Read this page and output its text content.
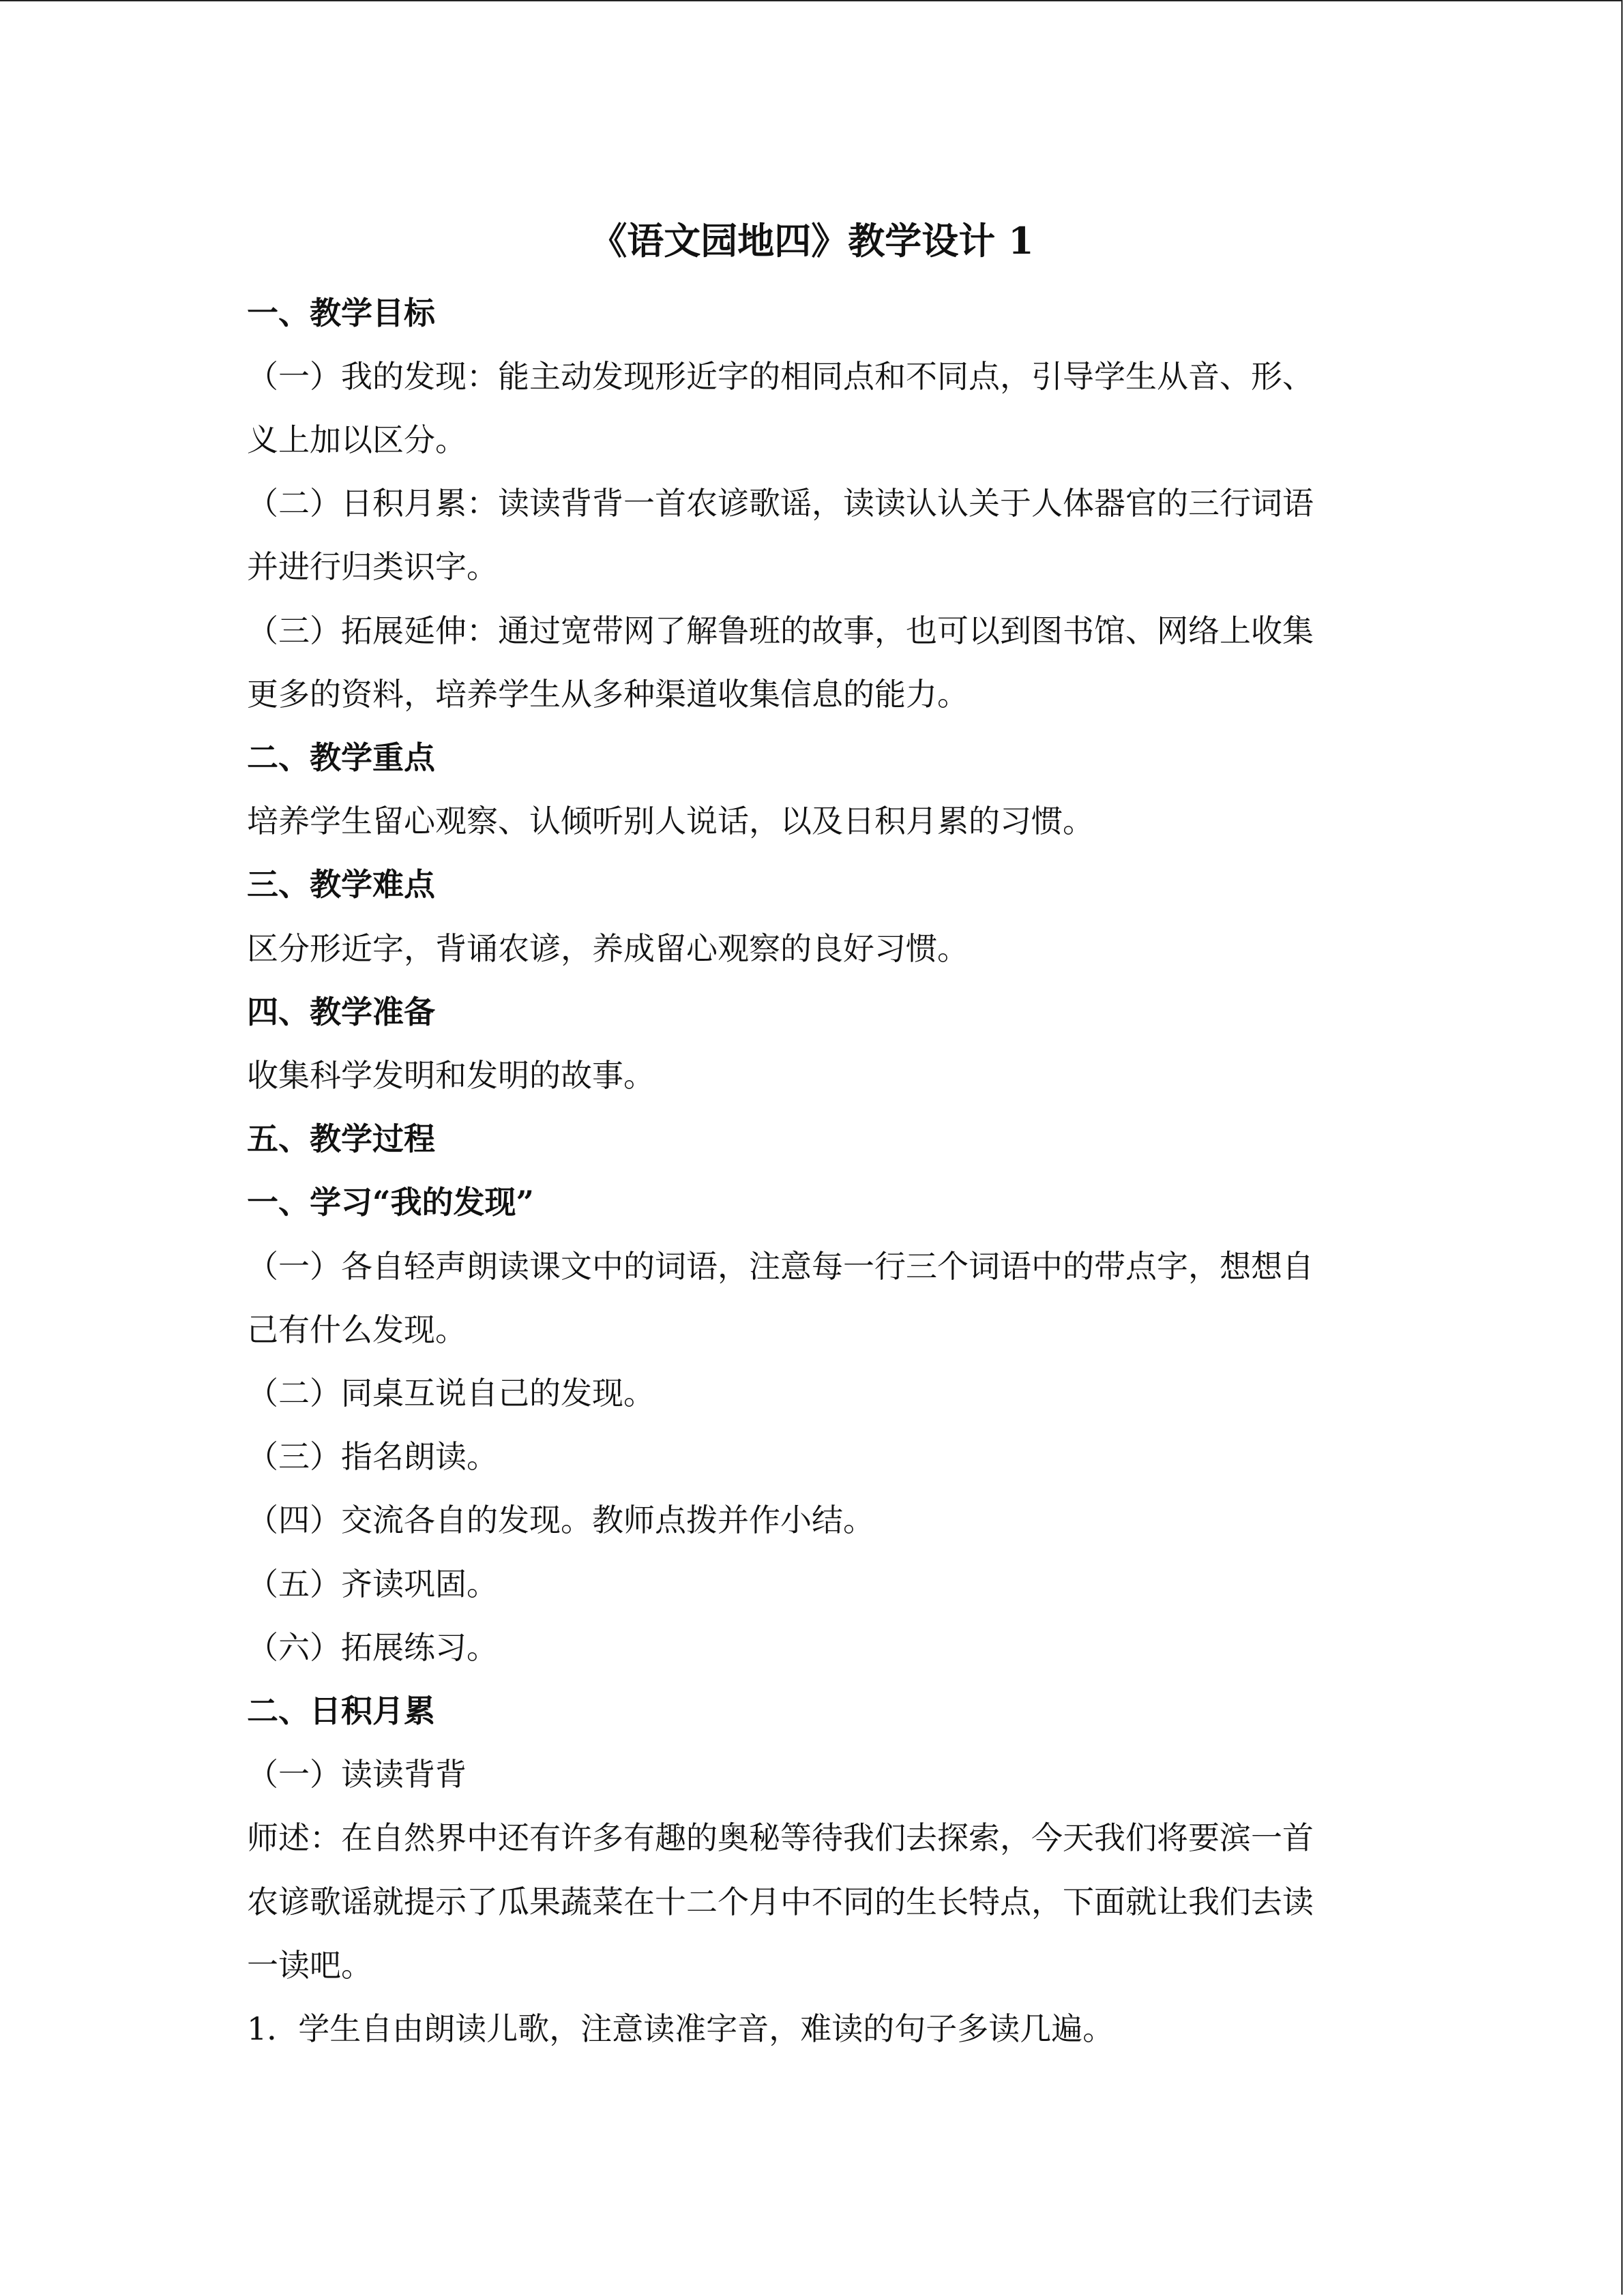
《语文园地四》教学设计 1

一、教学目标

（一）我的发现：能主动发现形近字的相同点和不同点，引导学生从音、形、

义上加以区分。

（二）日积月累：读读背背一首农谚歌谣，读读认认关于人体器官的三行词语

并进行归类识字。

（三）拓展延伸：通过宽带网了解鲁班的故事，也可以到图书馆、网络上收集

更多的资料，培养学生从多种渠道收集信息的能力。

二、教学重点

培养学生留心观察、认倾听别人说话，以及日积月累的习惯。

三、教学难点

区分形近字，背诵农谚，养成留心观察的良好习惯。

四、教学准备

收集科学发明和发明的故事。

五、教学过程

一、学习“我的发现”

（一）各自轻声朗读课文中的词语，注意每一行三个词语中的带点字，想想自

己有什么发现。

（二）同桌互说自己的发现。

（三）指名朗读。

（四）交流各自的发现。教师点拨并作小结。

（五）齐读巩固。

（六）拓展练习。

二、日积月累

（一）读读背背

师述：在自然界中还有许多有趣的奥秘等待我们去探索，今天我们将要滨一首

农谚歌谣就提示了瓜果蔬菜在十二个月中不同的生长特点，下面就让我们去读

一读吧。

1．学生自由朗读儿歌，注意读准字音，难读的句子多读几遍。
